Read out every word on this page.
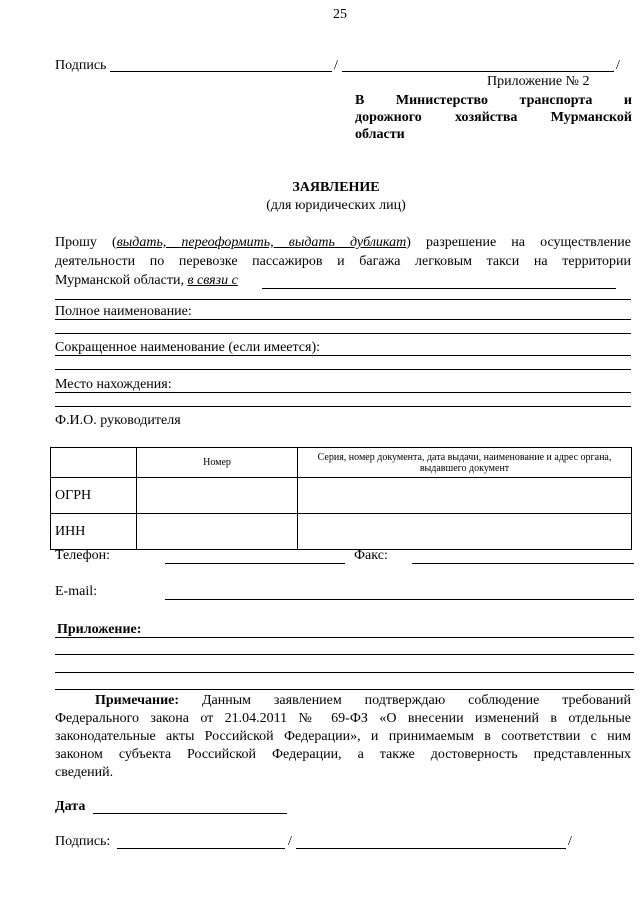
25
Подпись	/	/
Приложение № 2
В Министерство транспорта и
дорожного хозяйства Мурманской
области
ЗАЯВЛЕНИЕ
(для юридических лиц)
Прошу (выдать, переоформить, выдать дубликат) разрешение на осуществление
деятельности по перевозке пассажиров и багажа легковым такси на территории
Мурманской области, в связи с
Полное наименование:
Сокращенное наименование (если имеется):
Место нахождения:
Ф.И.О. руководителя
	Номер	Серия, номер документа, дата выдачи, наименование и адрес органа, выдавшего документ
ОГРН		
ИНН		
Телефон:	Факс:
E-mail:
Приложение:
Примечание: Данным заявлением подтверждаю соблюдение требований
Федерального закона от 21.04.2011 № 69-ФЗ «О внесении изменений в отдельные
законодательные акты Российской Федерации», и принимаемым в соответствии с ним
законом субъекта Российской Федерации, а также достоверность представленных
сведений.
Дата
Подпись:	/	/
